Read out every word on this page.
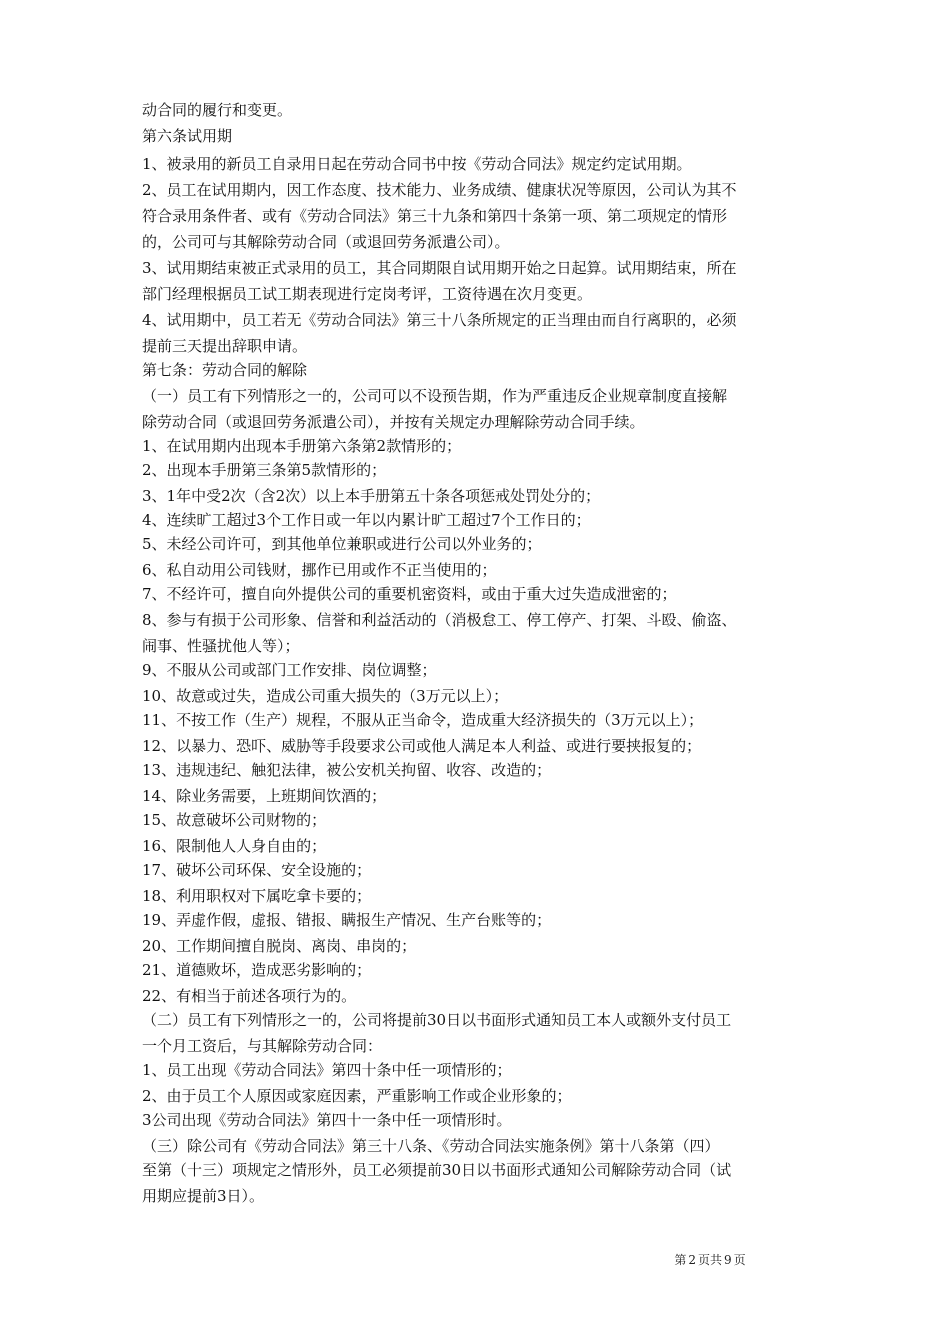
动合同的履行和变更。
第六条试用期
1、被录用的新员工自录用日起在劳动合同书中按《劳动合同法》规定约定试用期。
2、员工在试用期内，因工作态度、技术能力、业务成绩、健康状况等原因，公司认为其不
符合录用条件者、或有《劳动合同法》第三十九条和第四十条第一项、第二项规定的情形
的，公司可与其解除劳动合同（或退回劳务派遣公司）。
3、试用期结束被正式录用的员工，其合同期限自试用期开始之日起算。试用期结束，所在
部门经理根据员工试工期表现进行定岗考评，工资待遇在次月变更。
4、试用期中，员工若无《劳动合同法》第三十八条所规定的正当理由而自行离职的，必须
提前三天提出辞职申请。
第七条：劳动合同的解除
（一）员工有下列情形之一的，公司可以不设预告期，作为严重违反企业规章制度直接解
除劳动合同（或退回劳务派遣公司），并按有关规定办理解除劳动合同手续。
1、在试用期内出现本手册第六条第2款情形的；
2、出现本手册第三条第5款情形的；
3、1年中受2次（含2次）以上本手册第五十条各项惩戒处罚处分的；
4、连续旷工超过3个工作日或一年以内累计旷工超过7个工作日的；
5、未经公司许可，到其他单位兼职或进行公司以外业务的；
6、私自动用公司钱财，挪作已用或作不正当使用的；
7、不经许可，擅自向外提供公司的重要机密资料，或由于重大过失造成泄密的；
8、参与有损于公司形象、信誉和利益活动的（消极怠工、停工停产、打架、斗殴、偷盗、
闹事、性骚扰他人等）；
9、不服从公司或部门工作安排、岗位调整；
10、故意或过失，造成公司重大损失的（3万元以上）；
11、不按工作（生产）规程，不服从正当命令，造成重大经济损失的（3万元以上）；
12、以暴力、恐吓、威胁等手段要求公司或他人满足本人利益、或进行要挟报复的；
13、违规违纪、触犯法律，被公安机关拘留、收容、改造的；
14、除业务需要，上班期间饮酒的；
15、故意破坏公司财物的；
16、限制他人人身自由的；
17、破坏公司环保、安全设施的；
18、利用职权对下属吃拿卡要的；
19、弄虚作假，虚报、错报、瞒报生产情况、生产台账等的；
20、工作期间擅自脱岗、离岗、串岗的；
21、道德败坏，造成恶劣影响的；
22、有相当于前述各项行为的。
（二）员工有下列情形之一的，公司将提前30日以书面形式通知员工本人或额外支付员工
一个月工资后，与其解除劳动合同：
1、员工出现《劳动合同法》第四十条中任一项情形的；
2、由于员工个人原因或家庭因素，严重影响工作或企业形象的；
3公司出现《劳动合同法》第四十一条中任一项情形时。
（三）除公司有《劳动合同法》第三十八条、《劳动合同法实施条例》第十八条第（四）
至第（十三）项规定之情形外，员工必须提前30日以书面形式通知公司解除劳动合同（试
用期应提前3日）。
第 2 页共 9 页
